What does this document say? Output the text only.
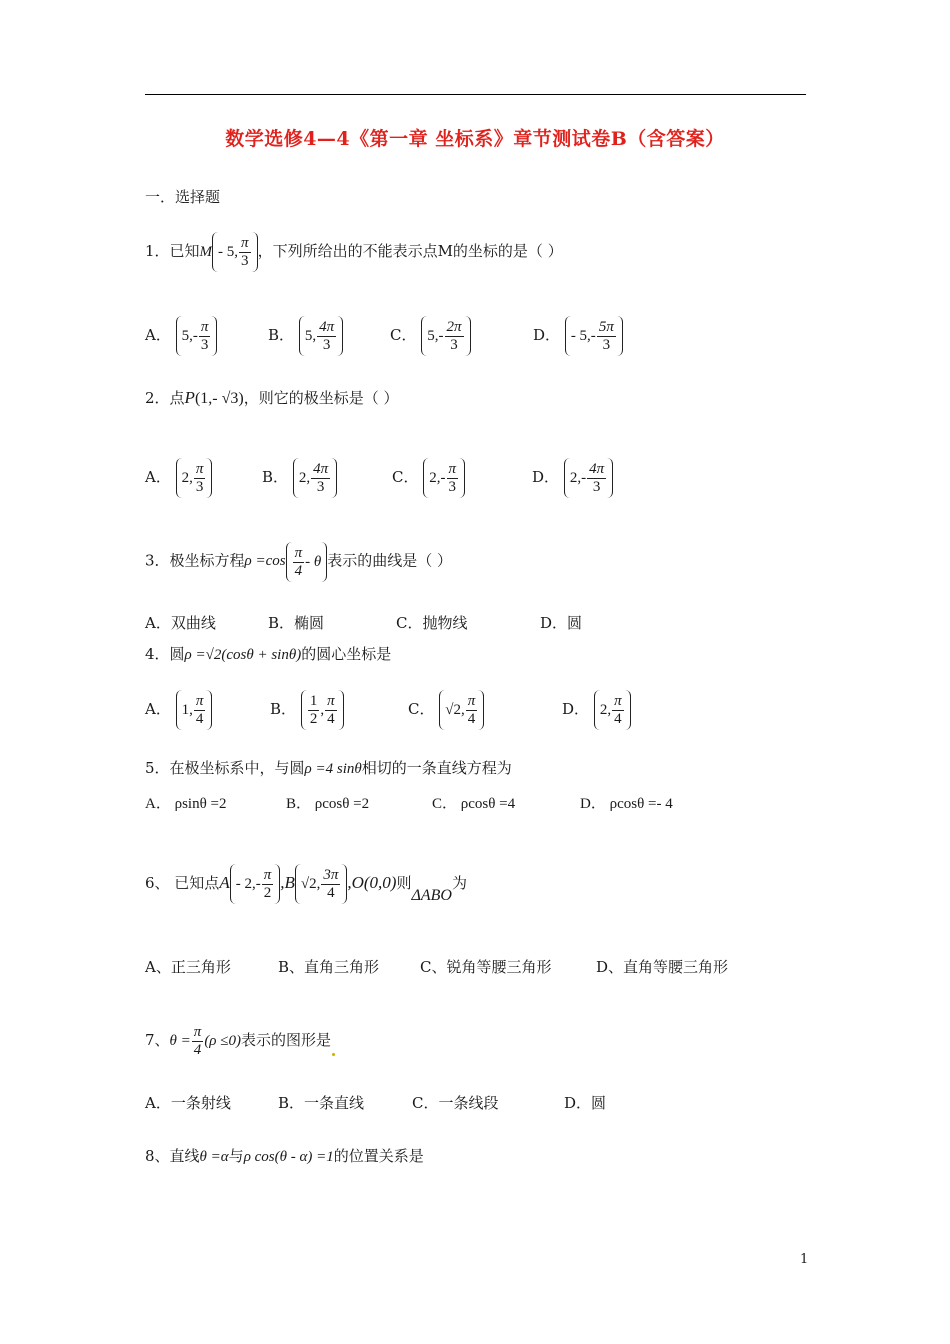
数学选修4—4《第一章 坐标系》章节测试卷B（含答案）
一．选择题
1．已知M - 5, $\frac{\pi}{3}$ ，下列所给出的不能表示点M的坐标的是（ ）
A． $5,- \frac{\pi}{3}$	B． 5, $\frac{4\pi}{3}$	C． $5,- \frac{2\pi}{3}$	D． - $5,- \frac{5\pi}{3}$
2．点P(1,- √3)，则它的极坐标是（ ）
A． 2, $\frac{\pi}{3}$	B． 2, $\frac{4\pi}{3}$	C． $2,- \frac{\pi}{3}$	D． $2,- \frac{4\pi}{3}$
3．极坐标方程$\rho =\cos \frac{\pi}{4} - \theta$ 表示的曲线是（ ）
A．双曲线	B．椭圆	C．抛物线	D．圆
4．圆ρ =√2(cosθ + sinθ)的圆心坐标是
A． 1, $\frac{\pi}{4}$	B． $\frac{1}{2}$ , $\frac{\pi}{4}$	C． √2, $\frac{\pi}{4}$	D． 2, $\frac{\pi}{4}$
5．在极坐标系中，与圆ρ =4 sinθ相切的一条直线方程为
A． ρsinθ =2	B． ρcosθ =2	C． ρcosθ =4	D． ρcosθ =- 4
6、 已知点A - $2,- \frac{\pi}{2} ,B$ √2, $\frac{3\pi}{4} ,O(0,0)$则ΔABO为
A、正三角形	B、直角三角形	C、锐角等腰三角形	D、直角等腰三角形
7、$\theta = \frac{\pi}{4} (\rho \le 0)$表示的图形是
A．一条射线	B．一条直线	C．一条线段	D．圆
8、直线θ =α与ρ cos(θ - α) =1的位置关系是
1
